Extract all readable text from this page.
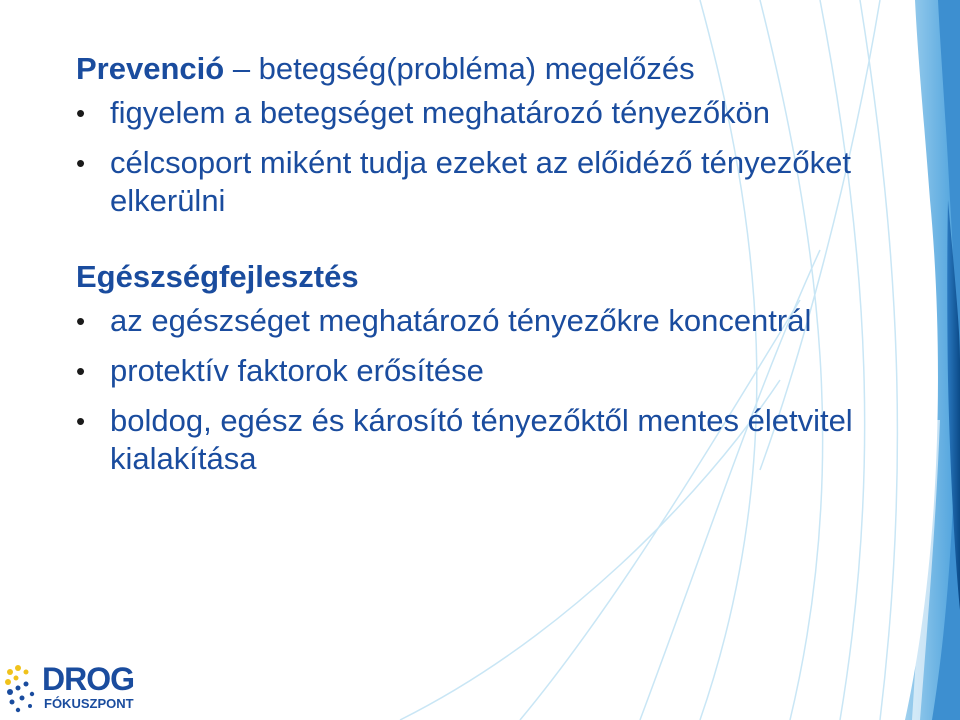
Prevenció – betegség(probléma) megelőzés
• figyelem a betegséget meghatározó tényezőkön
• célcsoport miként tudja ezeket az előidéző tényezőket elkerülni
Egészségfejlesztés
• az egészséget meghatározó tényezőkre koncentrál
• protektív faktorok erősítése
• boldog, egész és károsító tényezőktől mentes életvitel kialakítása
DROG
FÓKUSZPONT
